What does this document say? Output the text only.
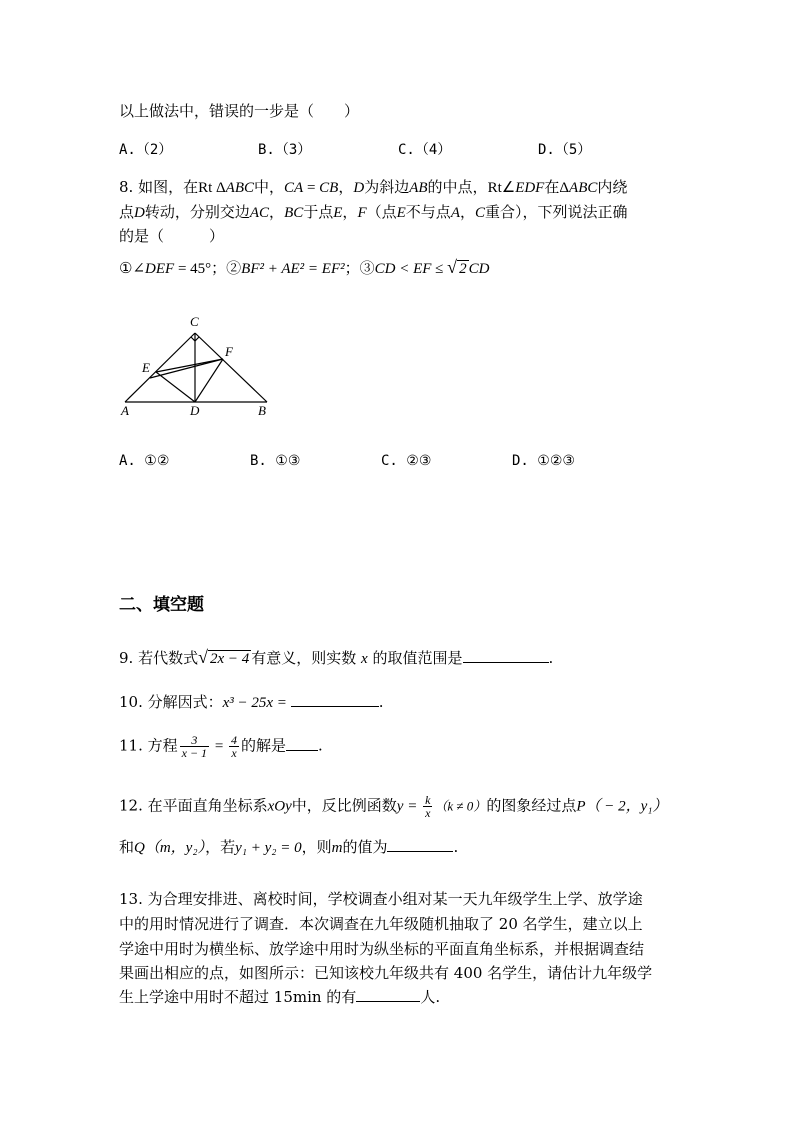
以上做法中，错误的一步是（　　）
A.（2）	B.（3）	C.（4）	D.（5）
8. 如图，在Rt ΔABC中，CA = CB，D为斜边AB的中点，Rt∠EDF在ΔABC内绕
点D转动，分别交边AC，BC于点E，F（点E不与点A，C重合），下列说法正确
的是（　　　）
①∠DEF = 45°；②BF² + AE² = EF²；③CD < EF ≤ √ 2 CD
C
F
E
A	D	B
A. ①②	B. ①③	C. ②③	D. ①②③
二、填空题
9. 若代数式√ 2x − 4 有意义，则实数 x 的取值范围是	.
10. 分解因式：x³ − 25x =	.
11. 方程 $\frac{3}{x - 1} = \frac{4}{x}$ 的解是 .
12. 在平面直角坐标系xOy中，反比例函数$y = \frac{k}{x} (k \ne 0)$的图象经过点P（ − 2，y₁）
和Q（m，y₂），若y₁ + y₂ = 0，则m的值为	.
13. 为合理安排进、离校时间，学校调查小组对某一天九年级学生上学、放学途
中的用时情况进行了调查．本次调查在九年级随机抽取了 20 名学生，建立以上
学途中用时为横坐标、放学途中用时为纵坐标的平面直角坐标系，并根据调查结
果画出相应的点，如图所示：已知该校九年级共有 400 名学生，请估计九年级学
生上学途中用时不超过 15min 的有	人.
